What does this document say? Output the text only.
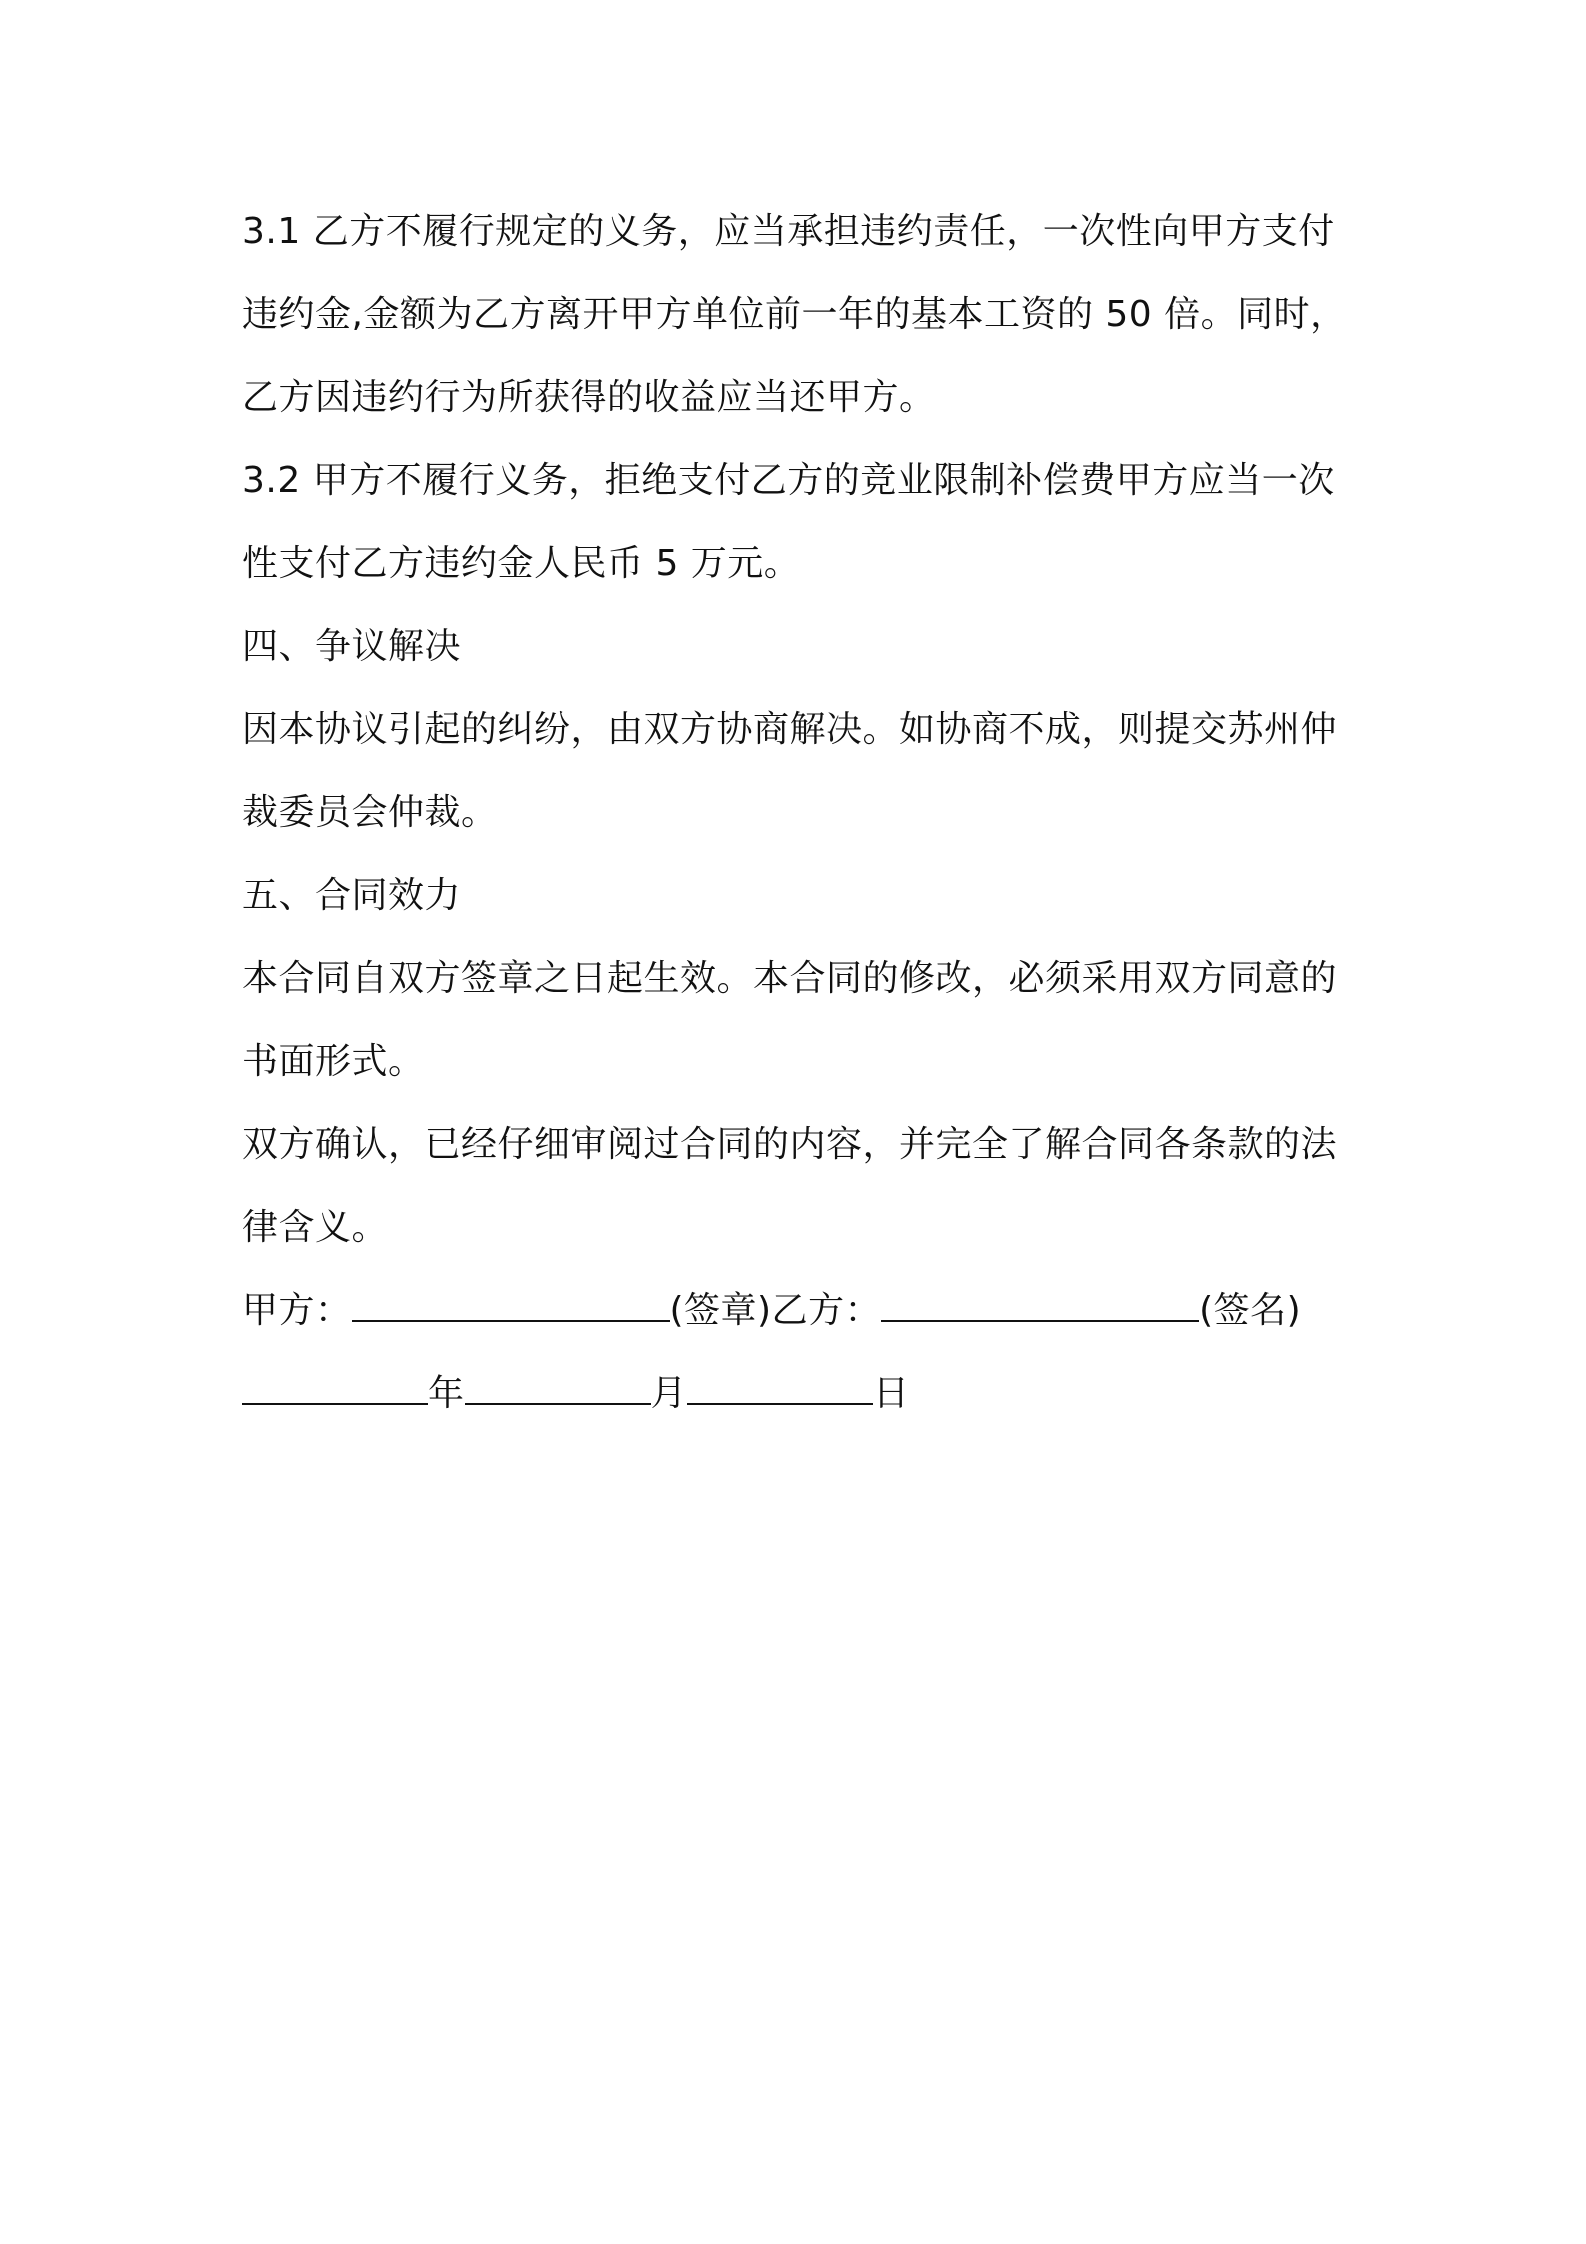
3.1 乙方不履行规定的义务，应当承担违约责任，一次性向甲方支付违约金,金额为乙方离开甲方单位前一年的基本工资的 50 倍。同时，乙方因违约行为所获得的收益应当还甲方。

3.2 甲方不履行义务，拒绝支付乙方的竞业限制补偿费甲方应当一次性支付乙方违约金人民币 5 万元。

四、争议解决

因本协议引起的纠纷，由双方协商解决。如协商不成，则提交苏州仲裁委员会仲裁。

五、合同效力

本合同自双方签章之日起生效。本合同的修改，必须采用双方同意的书面形式。

双方确认，已经仔细审阅过合同的内容，并完全了解合同各条款的法律含义。

甲方：	(签章)乙方：	(签名)

年	月	日
